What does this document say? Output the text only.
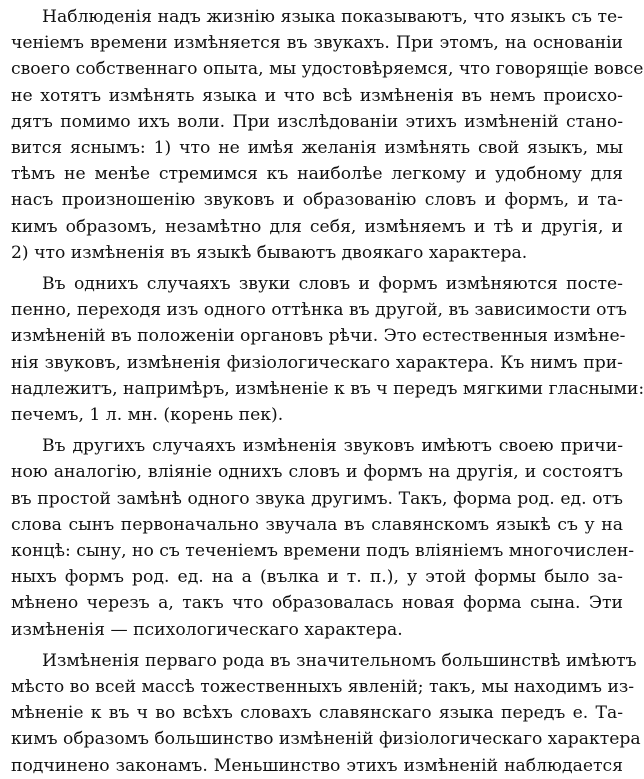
Наблюденія надъ жизнію языка показываютъ, что языкъ съ те-
ченіемъ времени измѣняется въ звукахъ. При этомъ, на основаніи
своего собственнаго опыта, мы удостовѣряемся, что говорящіе вовсе
не хотятъ измѣнять языка и что всѣ измѣненія въ немъ происхо-
дятъ помимо ихъ воли. При изслѣдованіи этихъ измѣненій стано-
вится яснымъ: 1) что не имѣя желанія измѣнять свой языкъ, мы
тѣмъ не менѣе стремимся къ наиболѣе легкому и удобному для
насъ произношенію звуковъ и образованію словъ и формъ, и та-
кимъ образомъ, незамѣтно для себя, измѣняемъ и тѣ и другія, и
2) что измѣненія въ языкѣ бываютъ двоякаго характера.
Въ однихъ случаяхъ звуки словъ и формъ измѣняются посте-
пенно, переходя изъ одного оттѣнка въ другой, въ зависимости отъ
измѣненій въ положеніи органовъ рѣчи. Это естественныя измѣне-
нія звуковъ, измѣненія физіологическаго характера. Къ нимъ при-
надлежитъ, напримѣръ, измѣненіе к въ ч передъ мягкими гласными:
печемъ, 1 л. мн. (корень пек).
Въ другихъ случаяхъ измѣненія звуковъ имѣютъ своею причи-
ною аналогію, вліяніе однихъ словъ и формъ на другія, и состоятъ
въ простой замѣнѣ одного звука другимъ. Такъ, форма род. ед. отъ
слова сынъ первоначально звучала въ славянскомъ языкѣ съ у на
концѣ: сыну, но съ теченіемъ времени подъ вліяніемъ многочислен-
ныхъ формъ род. ед. на а (вълка и т. п.), у этой формы было за-
мѣнено черезъ а, такъ что образовалась новая форма сына. Эти
измѣненія — психологическаго характера.
Измѣненія перваго рода въ значительномъ большинствѣ имѣютъ
мѣсто во всей массѣ тожественныхъ явленій; такъ, мы находимъ из-
мѣненіе к въ ч во всѣхъ словахъ славянскаго языка передъ е. Та-
кимъ образомъ большинство измѣненій физіологическаго характера
подчинено законамъ. Меньшинство этихъ измѣненій наблюдается
